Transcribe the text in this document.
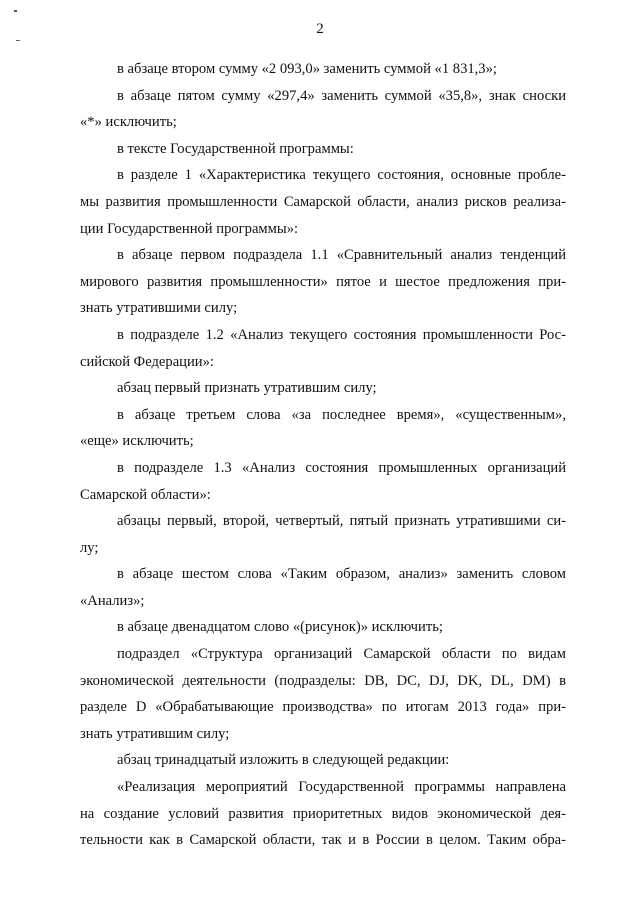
2
в абзаце втором сумму «2 093,0» заменить суммой «1 831,3»;
в абзаце пятом сумму «297,4» заменить суммой «35,8», знак сноски
«*» исключить;
в тексте Государственной программы:
в разделе 1 «Характеристика текущего состояния, основные пробле-
мы развития промышленности Самарской области, анализ рисков реализа-
ции Государственной программы»:
в абзаце первом подраздела 1.1 «Сравнительный анализ тенденций
мирового развития промышленности» пятое и шестое предложения при-
знать утратившими силу;
в подразделе 1.2 «Анализ текущего состояния промышленности Рос-
сийской Федерации»:
абзац первый признать утратившим силу;
в абзаце третьем слова «за последнее время», «существенным»,
«еще» исключить;
в подразделе 1.3 «Анализ состояния промышленных организаций
Самарской области»:
абзацы первый, второй, четвертый, пятый признать утратившими си-
лу;
в абзаце шестом слова «Таким образом, анализ» заменить словом
«Анализ»;
в абзаце двенадцатом слово «(рисунок)» исключить;
подраздел «Структура организаций Самарской области по видам
экономической деятельности (подразделы: DB, DC, DJ, DK, DL, DM) в
разделе D «Обрабатывающие производства» по итогам 2013 года» при-
знать утратившим силу;
абзац тринадцатый изложить в следующей редакции:
«Реализация мероприятий Государственной программы направлена
на создание условий развития приоритетных видов экономической дея-
тельности как в Самарской области, так и в России в целом. Таким обра-
